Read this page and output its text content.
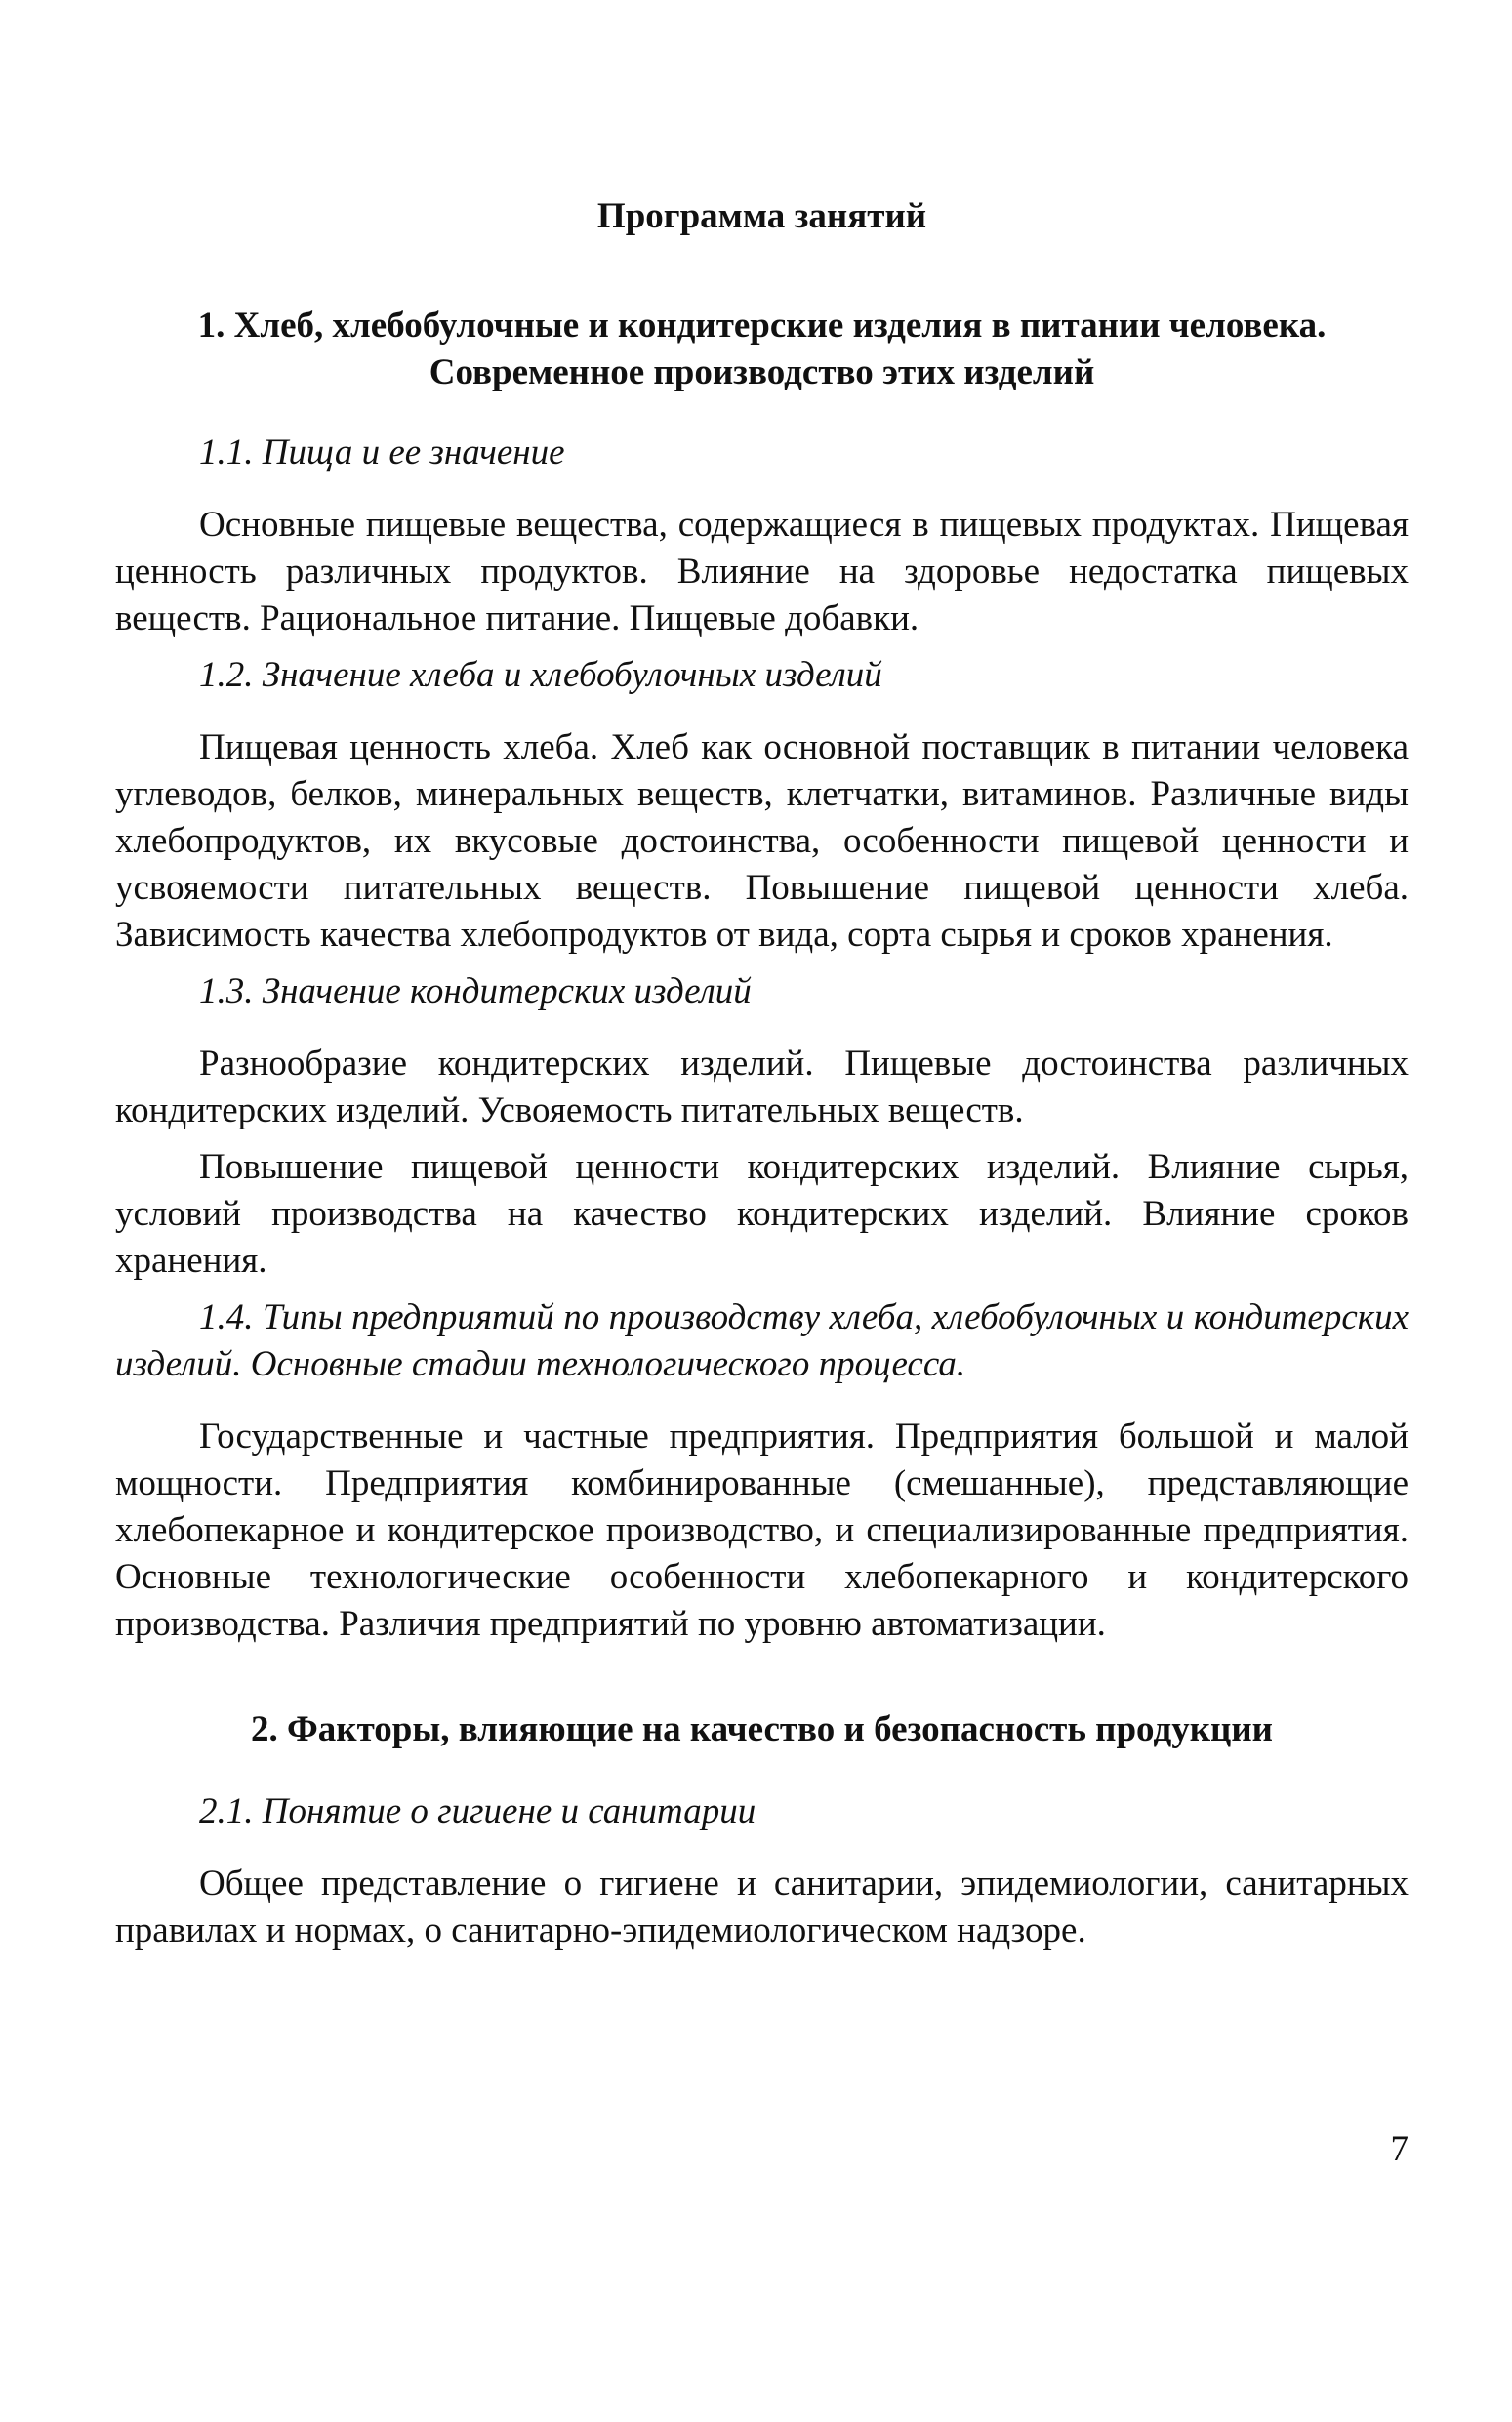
Программа занятий
1. Хлеб, хлебобулочные и кондитерские изделия в питании человека. Современное производство этих изделий
1.1. Пища и ее значение

Основные пищевые вещества, содержащиеся в пищевых продуктах. Пищевая ценность различных продуктов. Влияние на здоровье недостатка пищевых веществ. Рациональное питание. Пищевые добавки.

1.2. Значение хлеба и хлебобулочных изделий

Пищевая ценность хлеба. Хлеб как основной поставщик в питании человека углеводов, белков, минеральных веществ, клетчатки, витаминов. Различные виды хлебопродуктов, их вкусовые достоинства, особенности пищевой ценности и усвояемости питательных веществ. Повышение пищевой ценности хлеба. Зависимость качества хлебопродуктов от вида, сорта сырья и сроков хранения.

1.3. Значение кондитерских изделий

Разнообразие кондитерских изделий. Пищевые достоинства различных кондитерских изделий. Усвояемость питательных веществ.

Повышение пищевой ценности кондитерских изделий. Влияние сырья, условий производства на качество кондитерских изделий. Влияние сроков хранения.

1.4. Типы предприятий по производству хлеба, хлебобулочных и кондитерских изделий. Основные стадии технологического процесса.

Государственные и частные предприятия. Предприятия большой и малой мощности. Предприятия комбинированные (смешанные), представляющие хлебопекарное и кондитерское производство, и специализированные предприятия. Основные технологические особенности хлебопекарного и кондитерского производства. Различия предприятий по уровню автоматизации.

2. Факторы, влияющие на качество и безопасность продукции
2.1. Понятие о гигиене и санитарии

Общее представление о гигиене и санитарии, эпидемиологии, санитарных правилах и нормах, о санитарно-эпидемиологическом надзоре.

7
